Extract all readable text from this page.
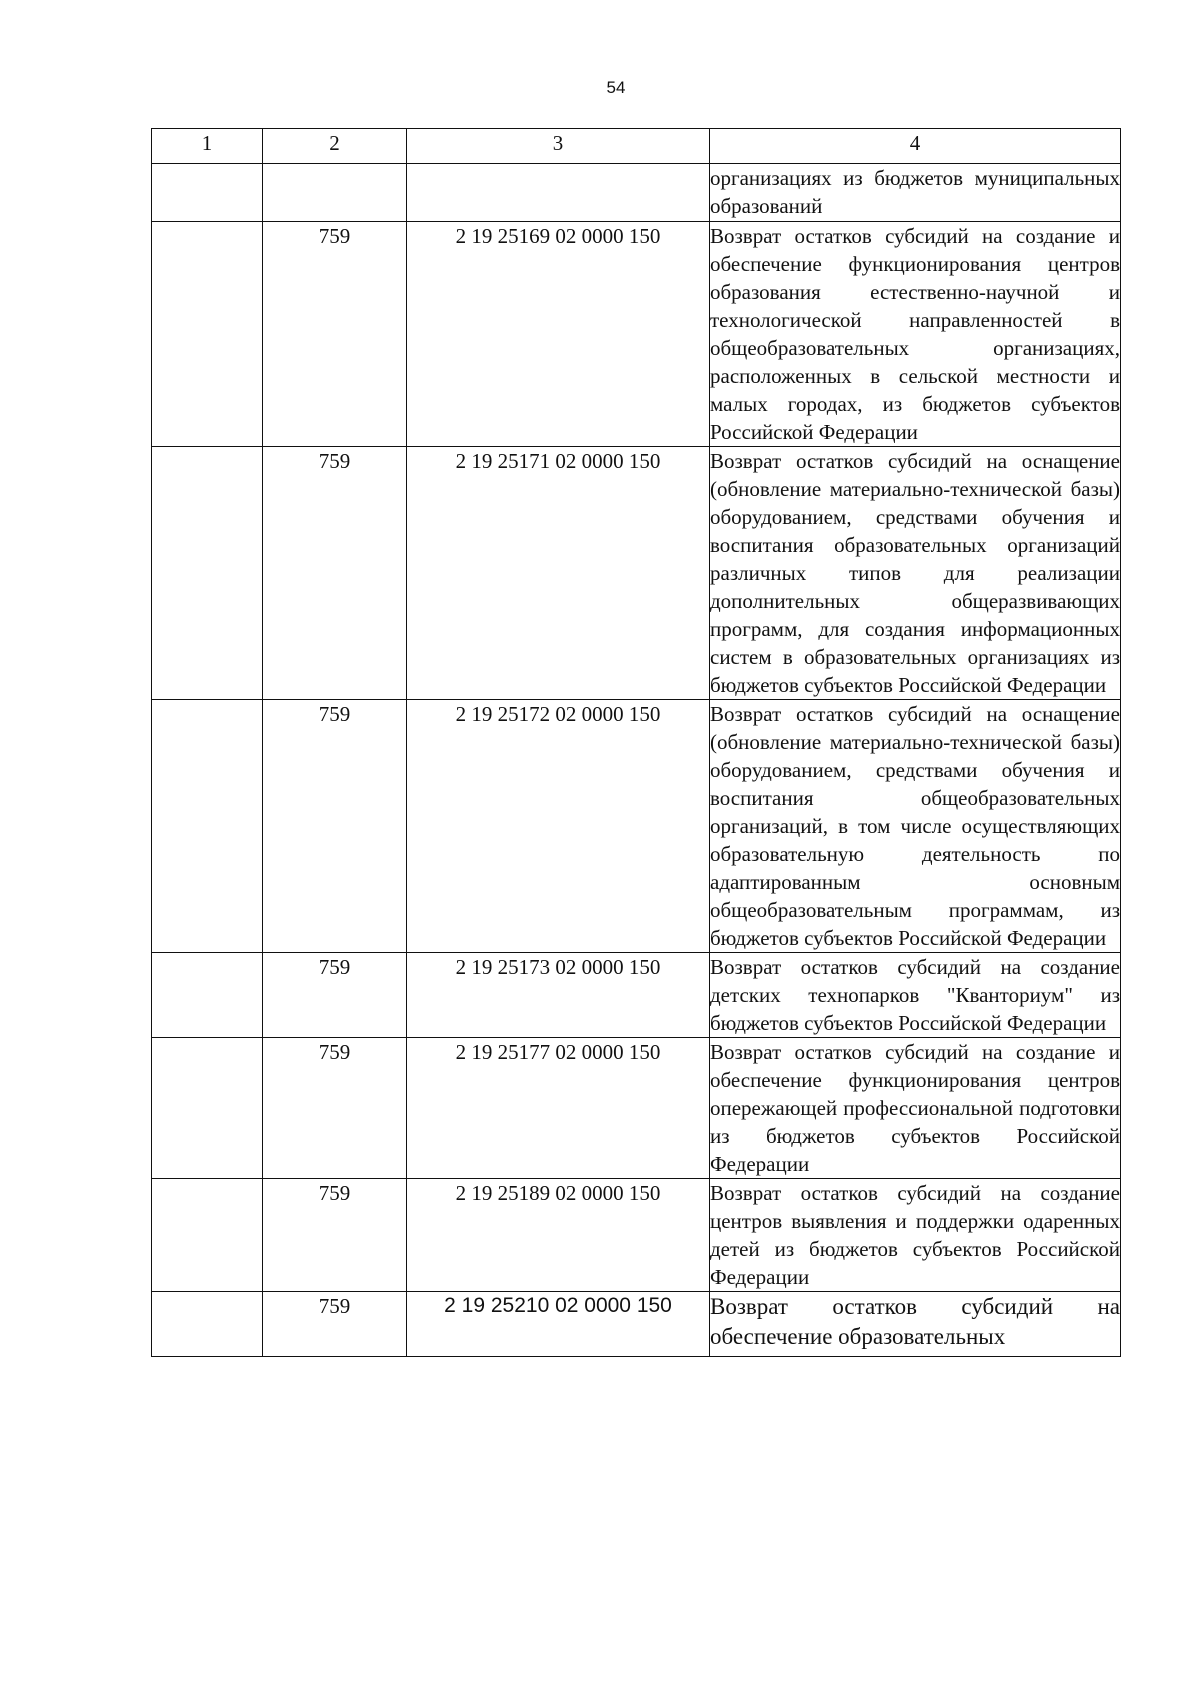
54
1	2	3	4

			организациях из бюджетов муниципальных образований

	759	2 19 25169 02 0000 150	Возврат остатков субсидий на создание и обеспечение функционирования центров образования естественно-научной и технологической направленностей в общеобразовательных организациях, расположенных в сельской местности и малых городах, из бюджетов субъектов Российской Федерации

	759	2 19 25171 02 0000 150	Возврат остатков субсидий на оснащение (обновление материально-технической базы) оборудованием, средствами обучения и воспитания образовательных организаций различных типов для реализации дополнительных общеразвивающих программ, для создания информационных систем в образовательных организациях из бюджетов субъектов Российской Федерации

	759	2 19 25172 02 0000 150	Возврат остатков субсидий на оснащение (обновление материально-технической базы) оборудованием, средствами обучения и воспитания общеобразовательных организаций, в том числе осуществляющих образовательную деятельность по адаптированным основным общеобразовательным программам, из бюджетов субъектов Российской Федерации

	759	2 19 25173 02 0000 150	Возврат остатков субсидий на создание детских технопарков "Кванториум" из бюджетов субъектов Российской Федерации

	759	2 19 25177 02 0000 150	Возврат остатков субсидий на создание и обеспечение функционирования центров опережающей профессиональной подготовки из бюджетов субъектов Российской Федерации

	759	2 19 25189 02 0000 150	Возврат остатков субсидий на создание центров выявления и поддержки одаренных детей из бюджетов субъектов Российской Федерации

	759	2 19 25210 02 0000 150	Возврат остатков субсидий на обеспечение образовательных
